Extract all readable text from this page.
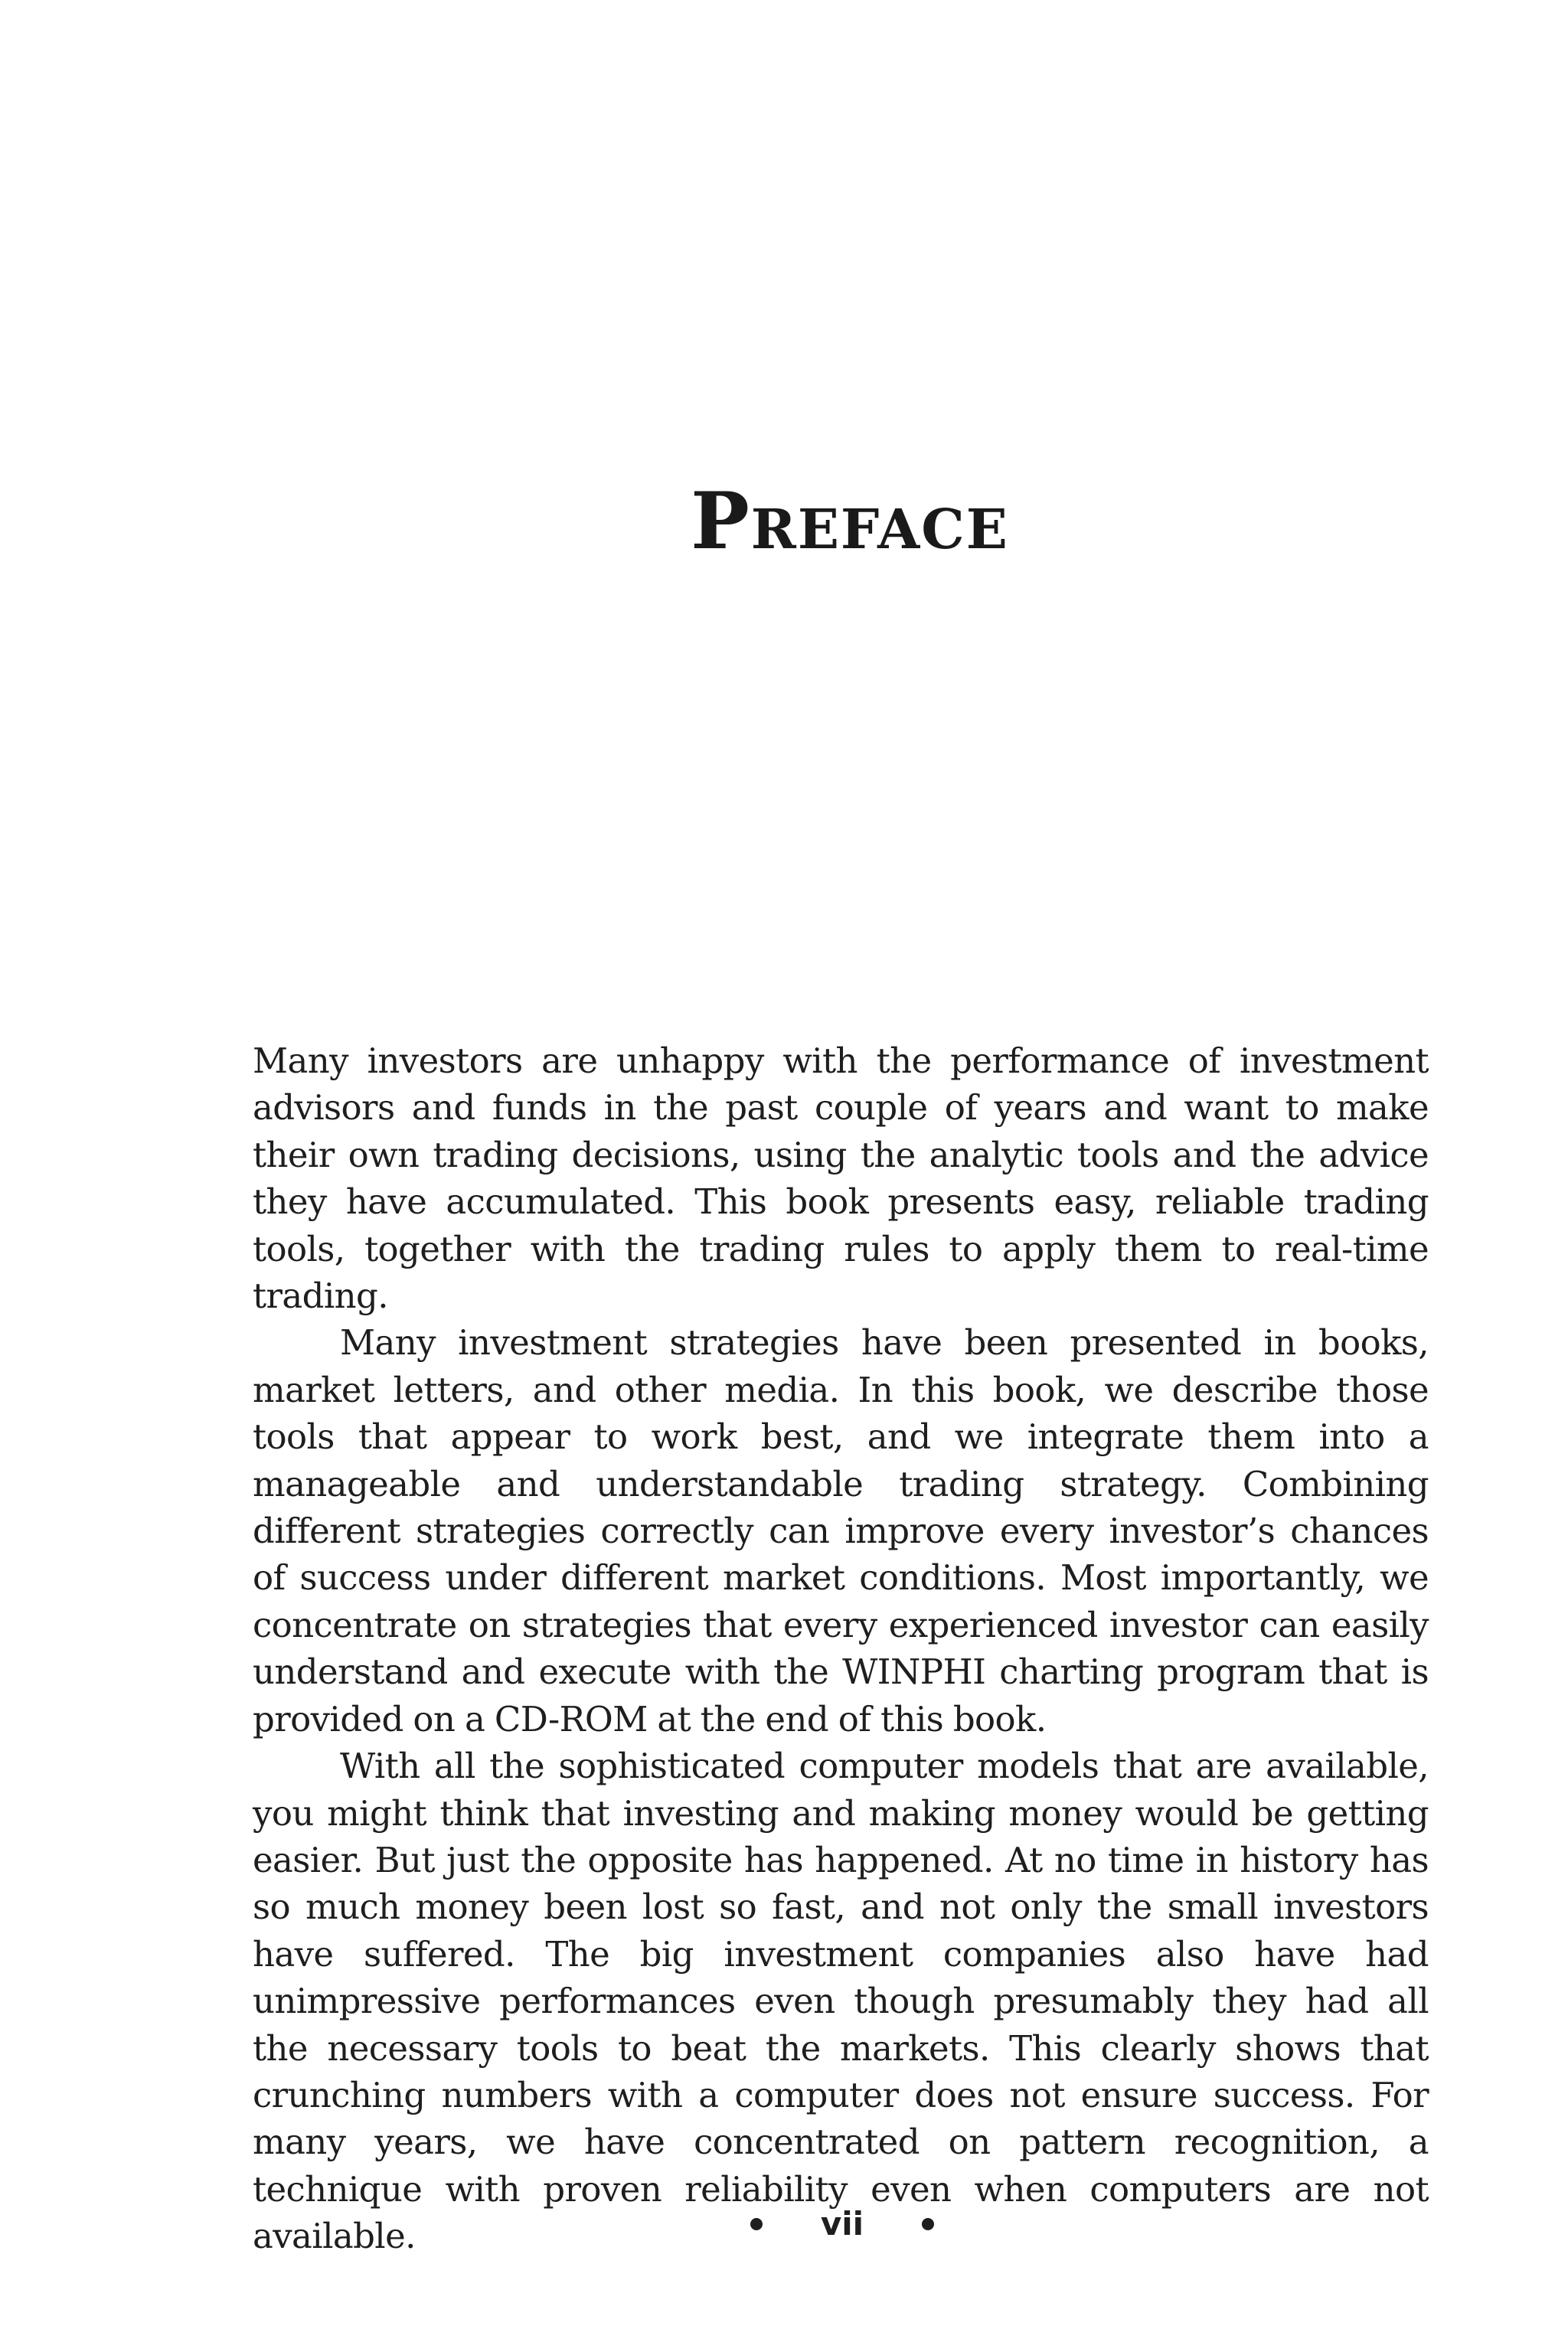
Preface

Many investors are unhappy with the performance of investment advisors and funds in the past couple of years and want to make their own trading decisions, using the analytic tools and the advice they have accumulated. This book presents easy, reliable trading tools, together with the trading rules to apply them to real-time trading.

Many investment strategies have been presented in books, market letters, and other media. In this book, we describe those tools that appear to work best, and we integrate them into a manageable and understandable trading strategy. Combining different strategies correctly can improve every investor’s chances of success under different market conditions. Most importantly, we concentrate on strategies that every experienced investor can easily understand and execute with the WINPHI charting program that is provided on a CD-ROM at the end of this book.

With all the sophisticated computer models that are available, you might think that investing and making money would be getting easier. But just the opposite has happened. At no time in history has so much money been lost so fast, and not only the small investors have suffered. The big investment companies also have had unimpressive performances even though presumably they had all the necessary tools to beat the markets. This clearly shows that crunching numbers with a computer does not ensure success. For many years, we have concentrated on pattern recognition, a technique with proven reliability even when computers are not available.	vii
